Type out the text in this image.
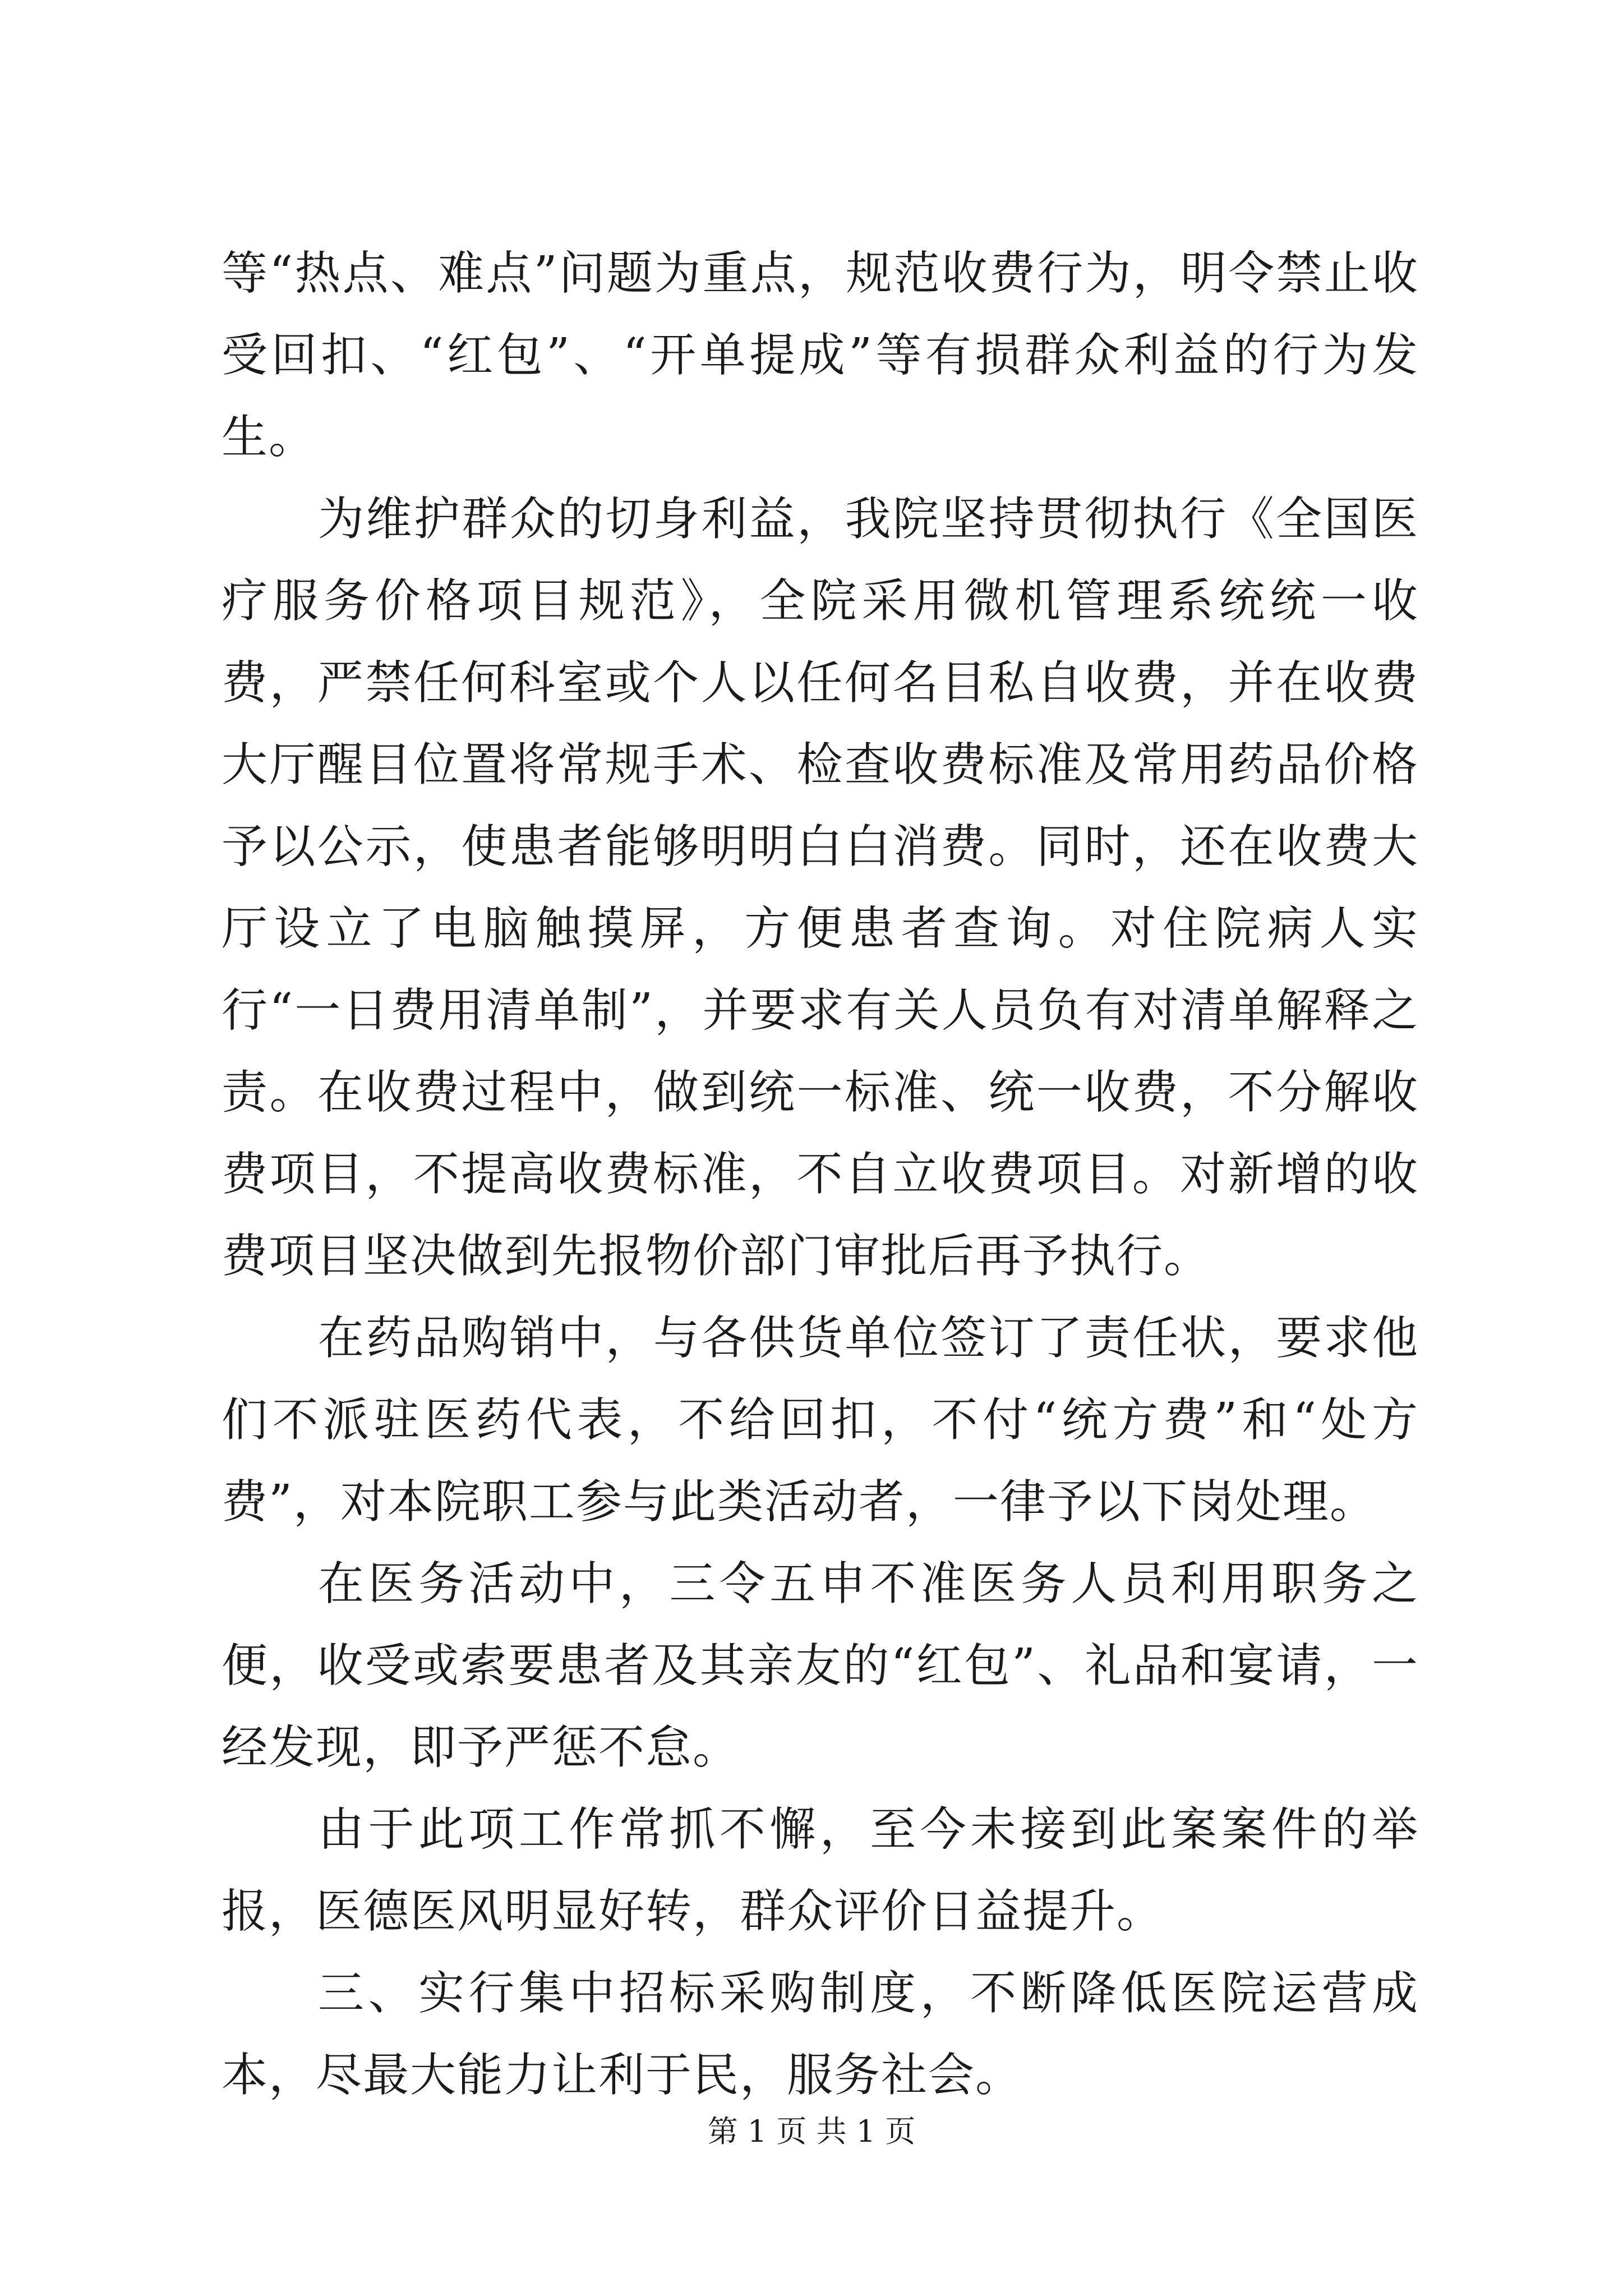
等“热点、难点”问题为重点，规范收费行为，明令禁止收受回扣、“红包”、“开单提成”等有损群众利益的行为发生。

为维护群众的切身利益，我院坚持贯彻执行《全国医疗服务价格项目规范》，全院采用微机管理系统统一收费，严禁任何科室或个人以任何名目私自收费，并在收费大厅醒目位置将常规手术、检查收费标准及常用药品价格予以公示，使患者能够明明白白消费。同时，还在收费大厅设立了电脑触摸屏，方便患者查询。对住院病人实行“一日费用清单制”，并要求有关人员负有对清单解释之责。在收费过程中，做到统一标准、统一收费，不分解收费项目，不提高收费标准，不自立收费项目。对新增的收费项目坚决做到先报物价部门审批后再予执行。

在药品购销中，与各供货单位签订了责任状，要求他们不派驻医药代表，不给回扣，不付“统方费”和“处方费”，对本院职工参与此类活动者，一律予以下岗处理。

在医务活动中，三令五申不准医务人员利用职务之便，收受或索要患者及其亲友的“红包”、礼品和宴请，一经发现，即予严惩不怠。

由于此项工作常抓不懈，至今未接到此案案件的举报，医德医风明显好转，群众评价日益提升。

三、实行集中招标采购制度，不断降低医院运营成本，尽最大能力让利于民，服务社会。

第 1 页 共 1 页
